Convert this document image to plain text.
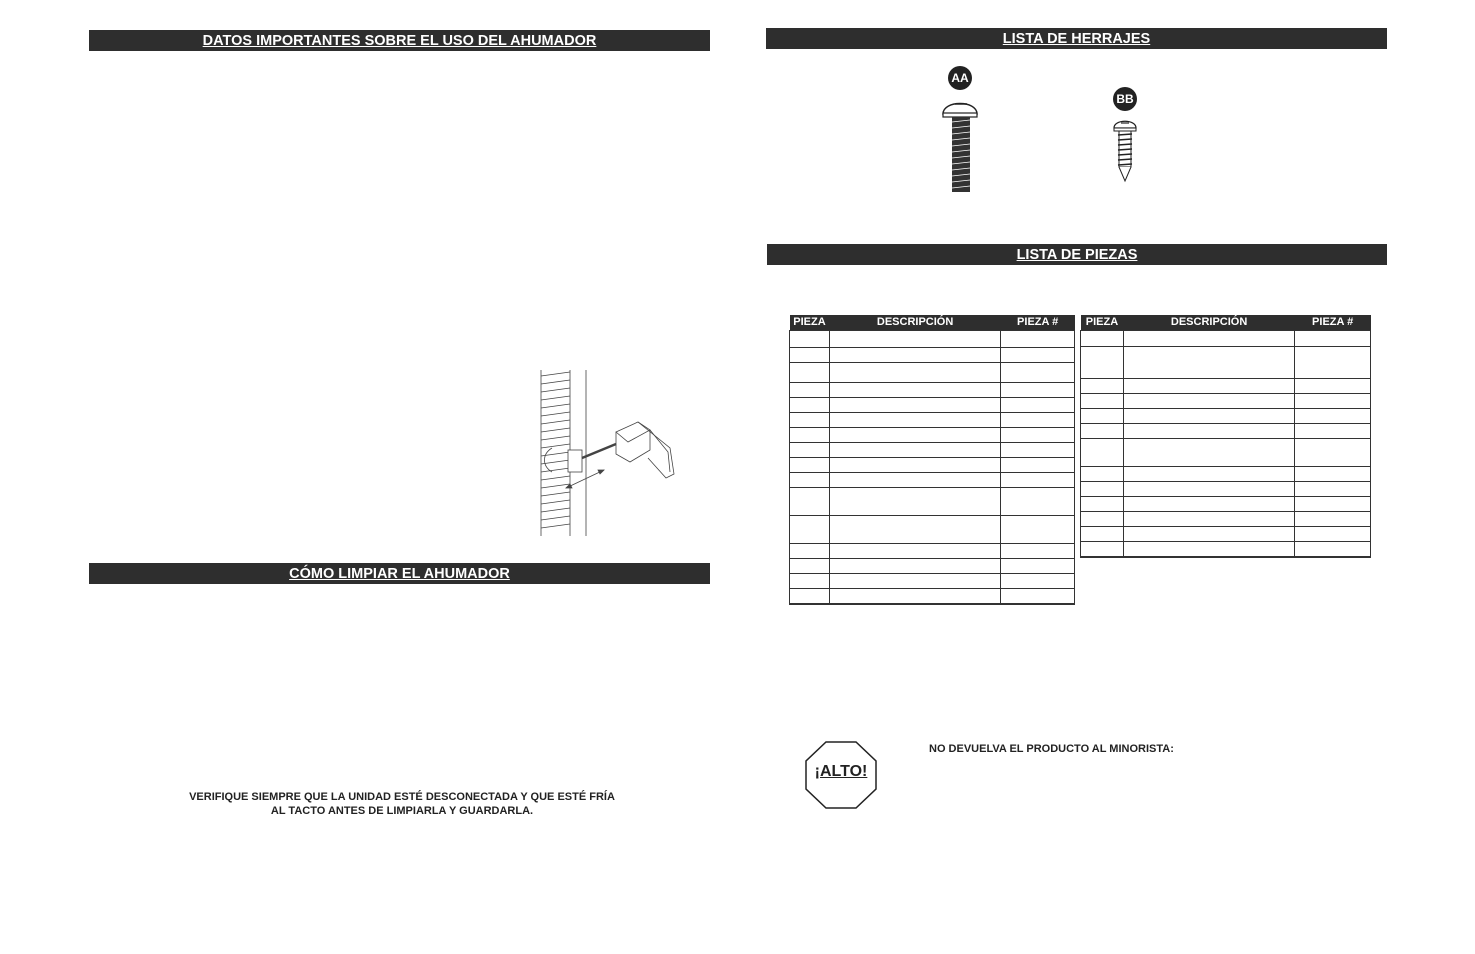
DATOS IMPORTANTES SOBRE EL USO DEL AHUMADOR
CÓMO LIMPIAR EL AHUMADOR
VERIFIQUE SIEMPRE QUE LA UNIDAD ESTÉ DESCONECTADA Y QUE ESTÉ FRÍA
AL TACTO ANTES DE LIMPIARLA Y GUARDARLA.
LISTA DE HERRAJES
AA
BB
LISTA DE PIEZAS
PIEZA	DESCRIPCIÓN	PIEZA #

			PIEZA	DESCRIPCIÓN	PIEZA #

¡ALTO!
NO DEVUELVA EL PRODUCTO AL MINORISTA:
